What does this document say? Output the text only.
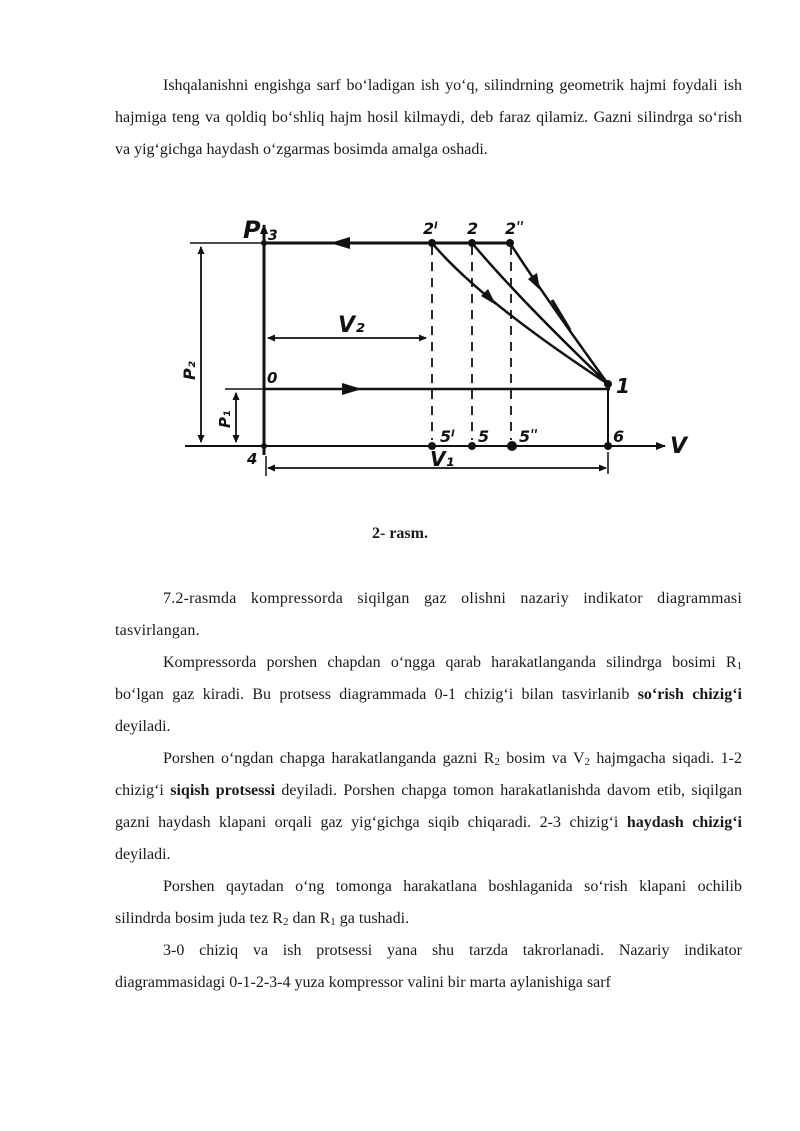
Ishqalanishni engishga sarf bo‘ladigan ish yo‘q, silindrning geometrik hajmi foydali ish hajmiga teng va qoldiq bo‘shliq hajm hosil kilmaydi, deb faraz qilamiz. Gazni silindrga so‘rish va yig‘gichga haydash o‘zgarmas bosimda amalga oshadi.

P
V
3
0
4
1
6
2ˡ 2 2ʺ
5ˡ 5 5ʺ
V₁
V₂
P₂
P₁
2- rasm.

7.2-rasmda kompressorda siqilgan gaz olishni nazariy indikator diagrammasi tasvirlangan.

Kompressorda porshen chapdan o‘ngga qarab harakatlanganda silindrga bosimi $R_1$ bo‘lgan gaz kiradi. Bu protsess diagrammada 0-1 chizig‘i bilan tasvirlanib so‘rish chizig‘i deyiladi.

Porshen o‘ngdan chapga harakatlanganda gazni $R_2$ bosim va $V_2$ hajmgacha siqadi. 1-2 chizig‘i siqish protsessi deyiladi. Porshen chapga tomon harakatlanishda davom etib, siqilgan gazni haydash klapani orqali gaz yig‘gichga siqib chiqaradi. 2-3 chizig‘i haydash chizig‘i deyiladi.

Porshen qaytadan o‘ng tomonga harakatlana boshlaganida so‘rish klapani ochilib silindrda bosim juda tez $R_2$ dan $R_1$ ga tushadi.

3-0 chiziq va ish protsessi yana shu tarzda takrorlanadi. Nazariy indikator diagrammasidagi 0-1-2-3-4 yuza kompressor valini bir marta aylanishiga sarf
